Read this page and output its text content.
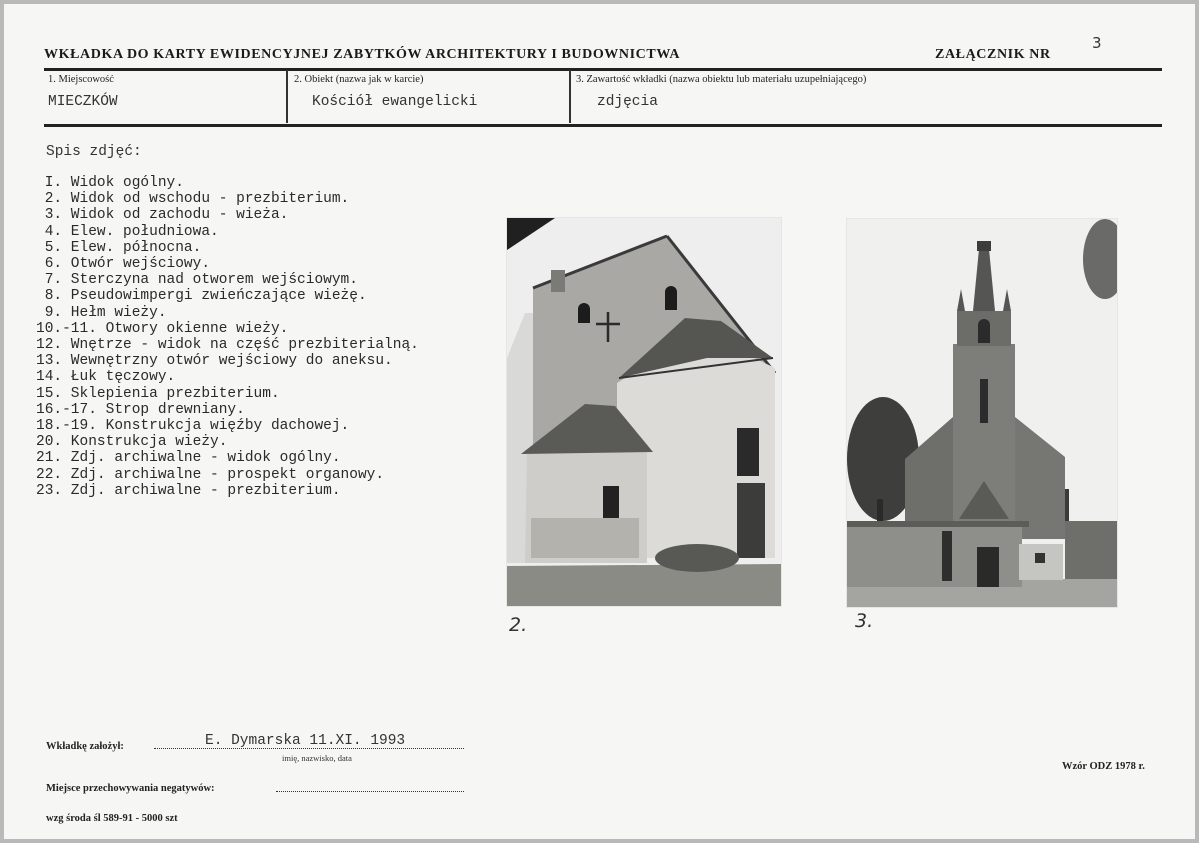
WKŁADKA DO KARTY EWIDENCYJNEJ ZABYTKÓW ARCHITEKTURY I BUDOWNICTWA	ZAŁĄCZNIK NR
3
1. Miejscowość
MIECZKÓW
2. Obiekt (nazwa jak w karcie)
Kościół ewangelicki
3. Zawartość wkładki (nazwa obiektu lub materiału uzupełniającego)
zdjęcia
Spis zdjęć:
I. Widok ogólny.
2. Widok od wschodu - prezbiterium.
3. Widok od zachodu - wieża.
4. Elew. południowa.
5. Elew. północna.
6. Otwór wejściowy.
7. Sterczyna nad otworem wejściowym.
8. Pseudowimpergi zwieńczające wieżę.
9. Hełm wieży.
10.-11. Otwory okienne wieży.
12. Wnętrze - widok na część prezbiterialną.
13. Wewnętrzny otwór wejściowy do aneksu.
14. Łuk tęczowy.
15. Sklepienia prezbiterium.
16.-17. Strop drewniany.
18.-19. Konstrukcja więźby dachowej.
20. Konstrukcja wieży.
21. Zdj. archiwalne - widok ogólny.
22. Zdj. archiwalne - prospekt organowy.
23. Zdj. archiwalne - prezbiterium.
2.	3.
Wkładkę założył:	E. Dymarska 11.XI. 1993
imię, nazwisko, data
Miejsce przechowywania negatywów:
Wzór ODZ 1978 r.
wzg środa śl 589-91 - 5000 szt
